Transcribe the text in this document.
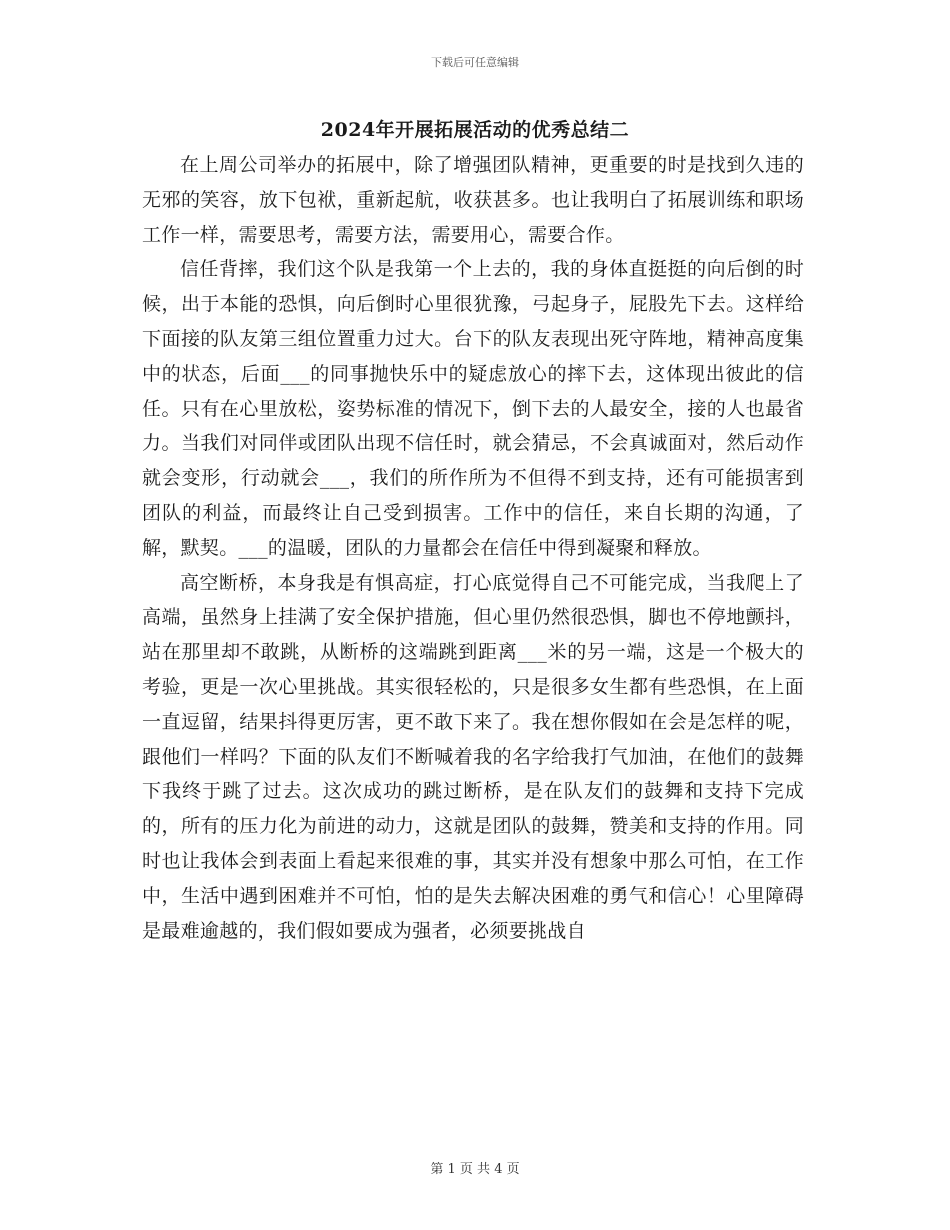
下载后可任意编辑
2024年开展拓展活动的优秀总结二

在上周公司举办的拓展中，除了增强团队精神，更重要的时是找到久违的无邪的笑容，放下包袱，重新起航，收获甚多。也让我明白了拓展训练和职场工作一样，需要思考，需要方法，需要用心，需要合作。

信任背摔，我们这个队是我第一个上去的，我的身体直挺挺的向后倒的时候，出于本能的恐惧，向后倒时心里很犹豫，弓起身子，屁股先下去。这样给下面接的队友第三组位置重力过大。台下的队友表现出死守阵地，精神高度集中的状态，后面___的同事抛快乐中的疑虑放心的摔下去，这体现出彼此的信任。只有在心里放松，姿势标准的情况下，倒下去的人最安全，接的人也最省力。当我们对同伴或团队出现不信任时，就会猜忌，不会真诚面对，然后动作就会变形，行动就会___，我们的所作所为不但得不到支持，还有可能损害到团队的利益，而最终让自己受到损害。工作中的信任，来自长期的沟通，了解，默契。___的温暖，团队的力量都会在信任中得到凝聚和释放。

高空断桥，本身我是有惧高症，打心底觉得自己不可能完成，当我爬上了高端，虽然身上挂满了安全保护措施，但心里仍然很恐惧，脚也不停地颤抖，站在那里却不敢跳，从断桥的这端跳到距离___米的另一端，这是一个极大的考验，更是一次心里挑战。其实很轻松的，只是很多女生都有些恐惧，在上面一直逗留，结果抖得更厉害，更不敢下来了。我在想你假如在会是怎样的呢，跟他们一样吗？下面的队友们不断喊着我的名字给我打气加油，在他们的鼓舞下我终于跳了过去。这次成功的跳过断桥，是在队友们的鼓舞和支持下完成的，所有的压力化为前进的动力，这就是团队的鼓舞，赞美和支持的作用。同时也让我体会到表面上看起来很难的事，其实并没有想象中那么可怕，在工作中，生活中遇到困难并不可怕，怕的是失去解决困难的勇气和信心！心里障碍是最难逾越的，我们假如要成为强者，必须要挑战自

第 1 页 共 4 页
